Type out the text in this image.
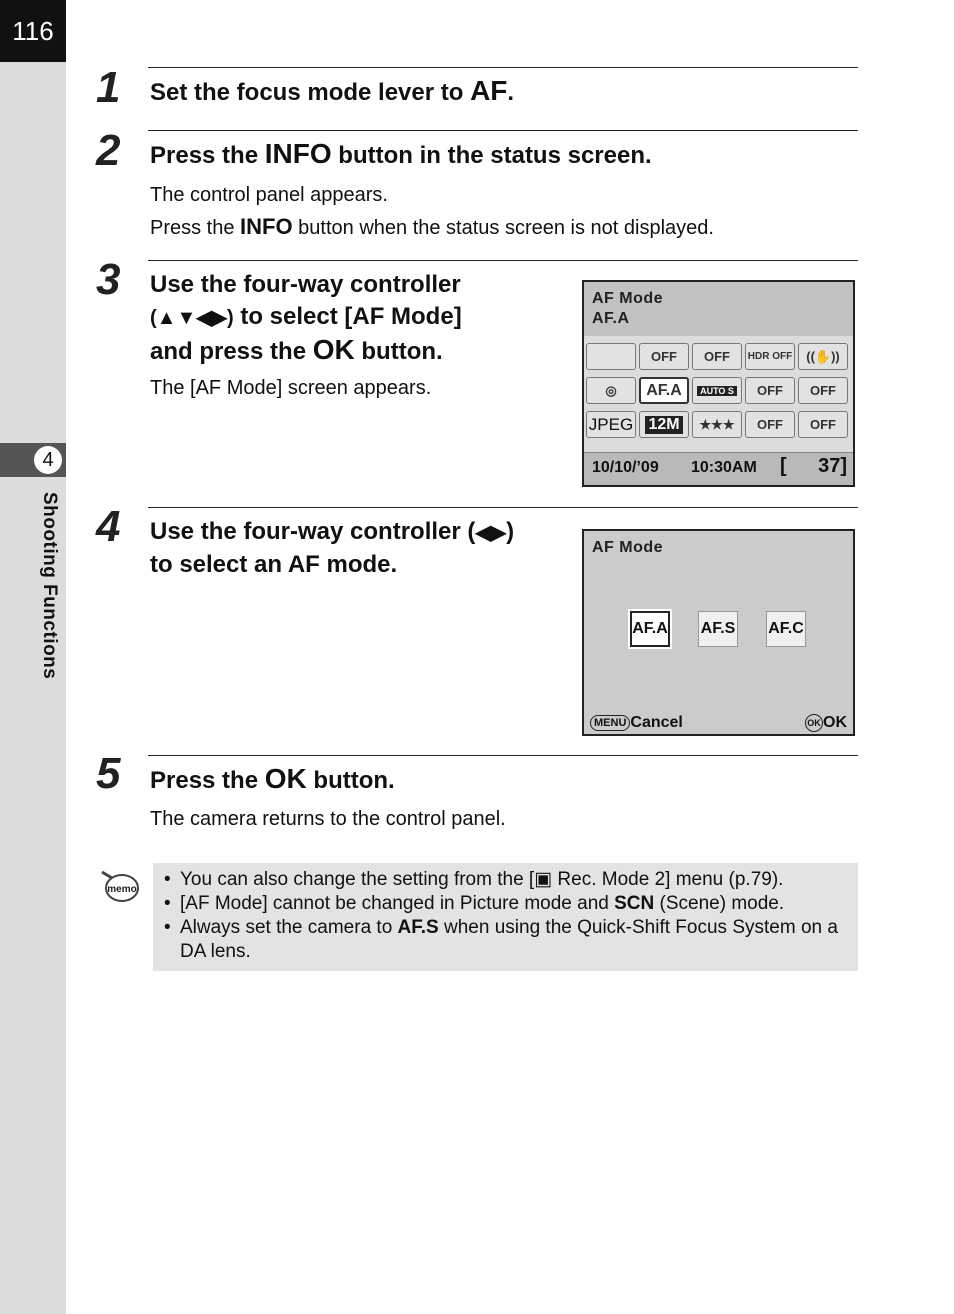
116
4
Shooting Functions
1 Set the focus mode lever to AF.
2 Press the INFO button in the status screen.
The control panel appears.
Press the INFO button when the status screen is not displayed.
3 Use the four-way controller
(▲▼◀▶) to select [AF Mode]
and press the OK button.
The [AF Mode] screen appears.
AF Mode
AF.A
OFF	OFF	HDR OFF	((✋))
◎	AF.A	AUTO S	OFF	OFF
JPEG 12M	★★★	OFF	OFF
10/10/’09 10:30AM [ 37]
4 Use the four-way controller (◀▶)
to select an AF mode.
AF Mode
AF.A AF.S AF.C
MENU Cancel	OK OK
5 Press the OK button.
The camera returns to the control panel.
memo
•	You can also change the setting from the [▣ Rec. Mode 2] menu (p.79).
• [AF Mode] cannot be changed in Picture mode and SCN (Scene) mode.
• Always set the camera to AF.S when using the Quick-Shift Focus System on a DA lens.
